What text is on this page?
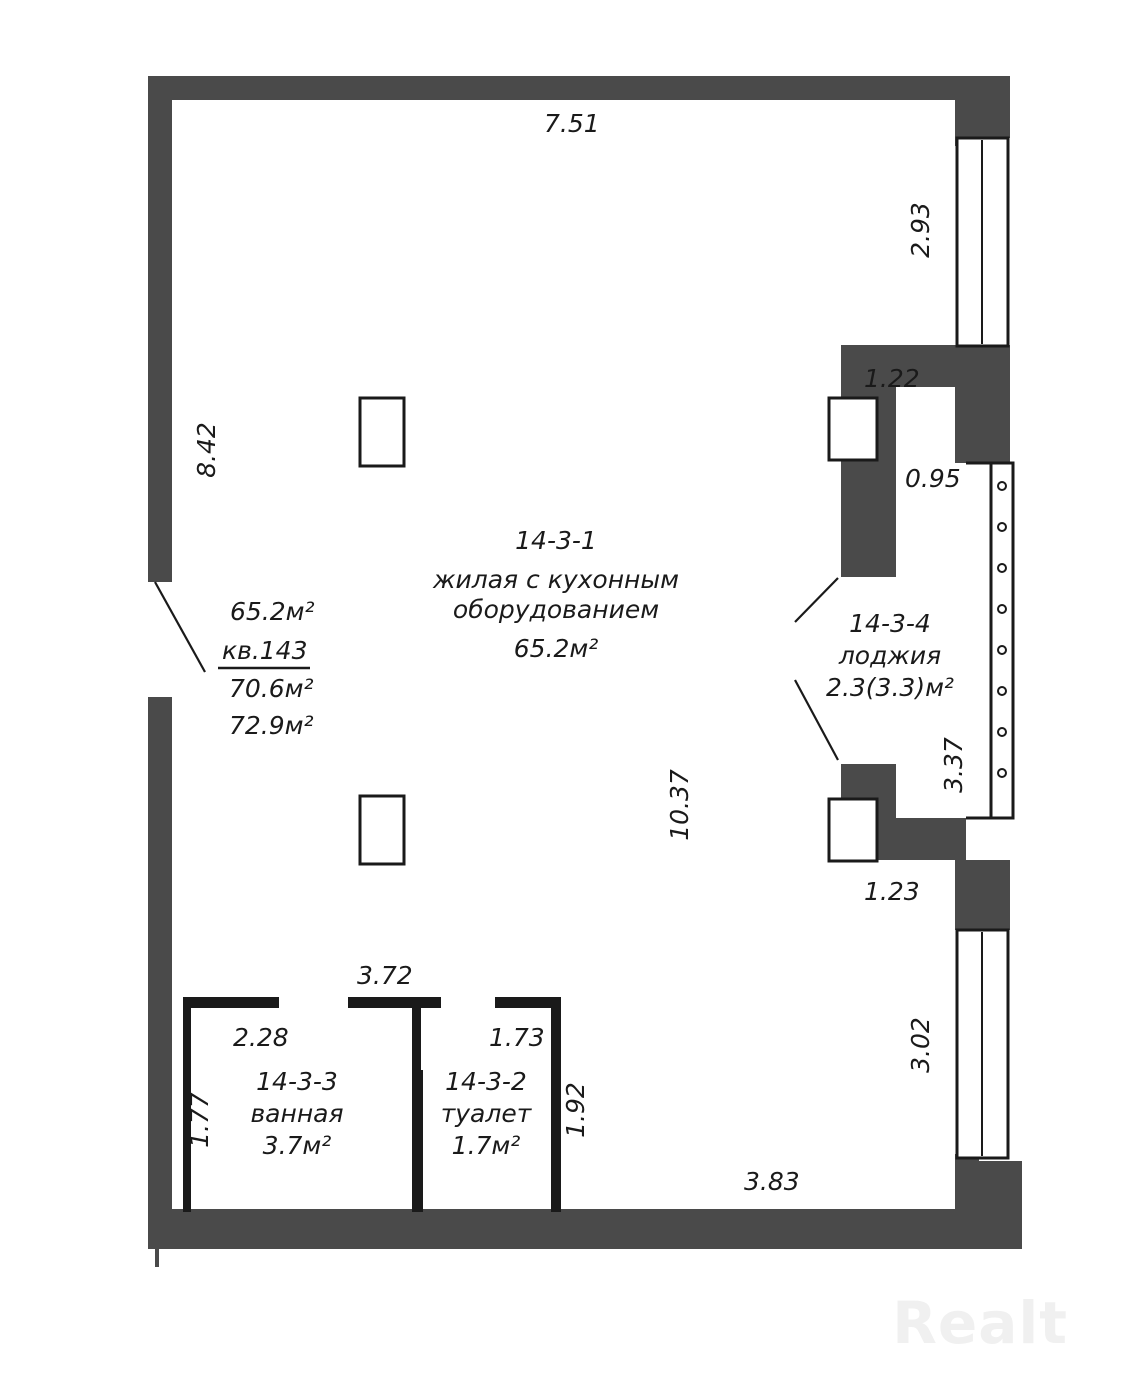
7.51
2.93
8.42
1.22
0.95
3.37
1.23
10.37
3.02
2.28
3.72
1.73
1.77	1.92
3.83
65.2м²
кв.143
70.6м²
72.9м²
14-3-1
жилая с кухонным
оборудованием
65.2м²
14-3-4
лоджия
2.3(3.3)м²
14-3-3
ванная
3.7м²
14-3-2
туалет
1.7м²
Realt
